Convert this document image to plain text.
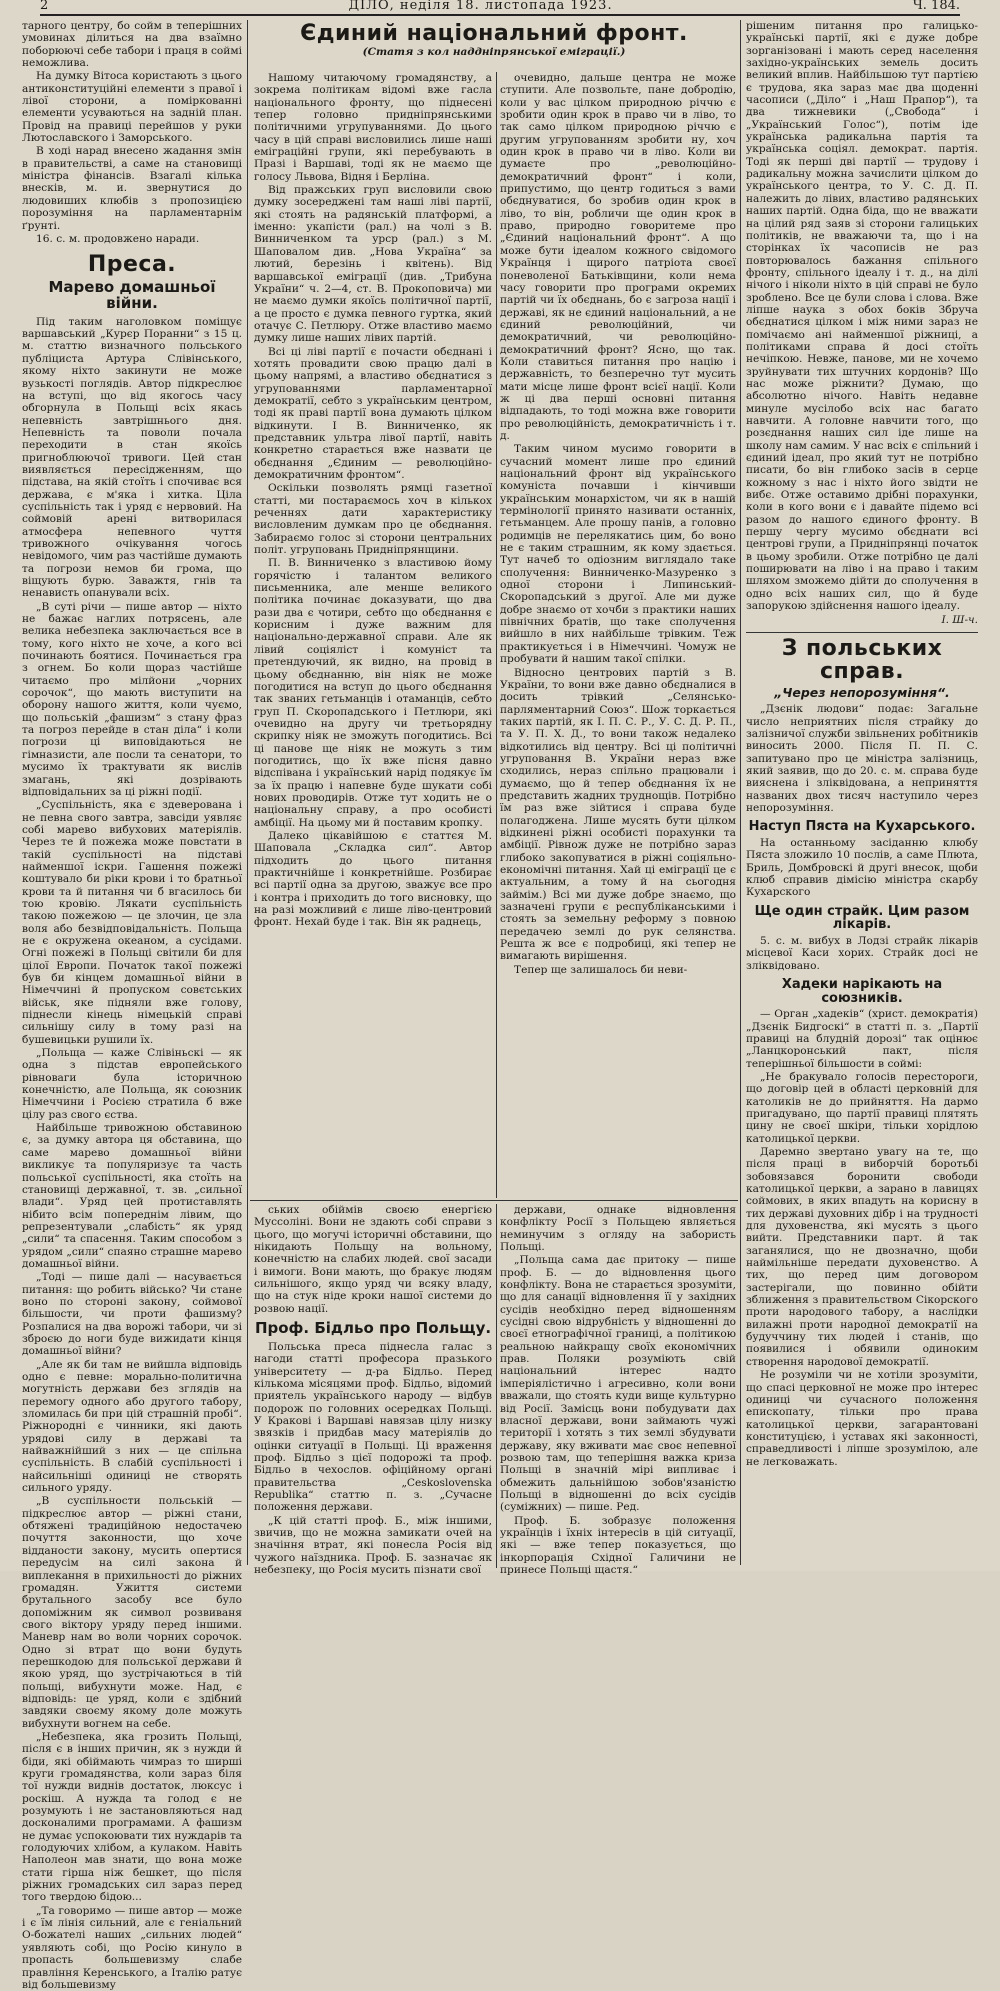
2	ДІЛО, неділя 18. листопада 1923.	Ч. 184.

тарного центру, бо сойм в теперішних умовинах ділиться на два взаїмно поборюючі себе табори і праця в соймі неможлива.

На думку Вітоса користають з цього антиконституційні елементи з правої і лівої сторони, а поміркованні елементи усуваються на задній план. Провід на правиці перейшов у руки Лютославского і Заморського.

В ході нарад внесено жадання змін в правительстві, а саме на становищі міністра фінансів. Взагалі кілька внесків, м. и. звернутися до людовиших клюбів з пропозицією порозуміння на парламентарнім ґрунті.

16. с. м. продовжено наради.

Преса.
Марево домашньої війни.

Під таким наголовком поміщує варшавський „Курєр Поранни“ з 15 ц. м. статтю визначного польського публіциста Артура Слівінського, якому ніхто закинути не може вузькості поглядів. Автор підкреслює на вступі, що від якогось часу обгорнула в Польщі всіх якась непевність завтрішнього дня. Непевність та поволи почала переходити в стан якоїсь пригноблюючої тривоги. Цей стан виявляється пересідженням, що підстава, на якій стоїть і спочиває вся держава, є м'яка і хитка. Ціла суспільність так і уряд є нервовий. На соймовій арені витворилася атмосфера непевного чуття тривожного очікування чогось невідомого, чим раз частійше думають та погрози немов би грома, що віщують бурю. Заважтя, гнів та ненависть опанували всіх.

„В суті річи — пише автор — ніхто не бажає наглих потрясень, але велика небезпека заключається все в тому, кого ніхто не хоче, а кого всі починають боятися. Починається гра з огнем. Бо коли щораз частійше читаємо про мілйони „чорних сорочок“, що мають виступити на оборону нашого життя, коли чуємо, що польській „фашизм“ з стану фраз та погроз перейде в стан діла“ і коли погрози ці виповідаються не гімназисти, але посли та сенатори, то мусимо їх трактувати як вислів змагань, які дозрівають відповідальних за ці ріжні події.

„Суспільність, яка є здеверована і не певна свого завтра, завсіди уявляє собі марево вибухових матеріялів. Через те й пожежа може повстати в такій суспільності на підставі найменшої іскри. Гашення пожежі коштувало би ріки крови і то братньої крови та й питання чи б вгасилось би тою кровію. Лякати суспільність такою пожежою — це злочин, це зла воля або безвідповідальність. Польща не є окружена океаном, а сусідами. Огні пожежі в Польщі світили би для цілої Европи. Початок такої пожежі був би кінцем домашньої війни в Німеччині й пропуском совєтських військ, яке підняли вже голову, піднесли кінець німецькій справі сильнішу силу в тому разі на бушевицьки рушили їх.

„Польща — каже Слівіньскі — як одна з підстав европейського рівноваги була історичною конечністю, але Польща, як союзник Німеччини і Росією стратила б вже цілу раз свого єства.

Найбільше тривожною обставиною є, за думку автора ця обставина, що саме марево домашньої війни викликує та популяризує та часть польської суспільності, яка стоїть на становищі державної, т. зв. „сильної влади“. Уряд цей протиставлять нібито всім попереднім лівим, що репрезентували „слабість“ як уряд „сили“ та спасення. Таким способом з урядом „сили“ спаяно страшне марево домашньої війни.

„Тоді — пише далі — насувається питання: що робить військо? Чи стане воно по стороні закону, соймової більшости, чи проти фашизму? Розпалися на два ворожі табори, чи зі зброєю до ноги буде вижидати кінця домашньої війни?

„Але як би там не вийшла відповідь одно є певне: морально-политична могутність держави без зглядів на перемогу одного або другого табору, зломилась би при цій страшній пробі“. Ріжнородні є чинники, які дають урядові силу в державі та найважнійший з них — це спільна суспільність. В слабій суспільності і найсильніші одиниці не створять сильного уряду.

„В суспільности польській — підкреслює автор — ріжні стани, обтяжені традиційною недостачею почуття законности, що хоче відданости закону, мусить опертися передусім на силі закона й виплекання в прихильності до ріжних громадян. Ужиття системи брутального засобу все було допоміжним як символ розвиваня свого віктору уряду перед іншими. Маневр нам во воли чорних сорочок. Одно зі втрат що вони будуть перешкодою для польської держави й якою уряд, що зустрічаються в тій польщі, вибухнути може. Над, є відповідь: це уряд, коли є здібний завдяки своєму якому доле можуть вибухнути вогнем на себе.

„Небезпека, яка грозить Польщі, після є в інших причин, як з нужди й біди, які обіймають чимраз то ширші круги громадянства, коли зараз біля тої нужди виднів достаток, люксус і роскіш. А нужда та голод є не розумують і не застановляються над досконалими програмами. А фашизм не думає успокоювати тих нуждарів та голодуючих хлібом, а кулаком. Навіть Наполеон мав знати, що вона може стати гірша ніж бешкет, що після ріжних громадських сил зараз перед того твердою бідою...

„Та говоримо — пише автор — може і є їм лінія сильний, але є геніальний О-божателі наших „сильних людей“ уявляють собі, що Росію кинуло в пропасть большевизму слабе правління Керенського, а Італію ратує від большевизму

Єдиний національний фронт.
(Статя з кол наддніпрянської еміграції.)

Нашому читаючому громадянству, а зокрема політикам відомі вже гасла національного фронту, що піднесені тепер головно придніпрянськими політичними угрупуваннями. До цього часу в цій справі висловились лише наші еміграційні групи, які перебувають в Празі і Варшаві, тоді як не маємо ще голосу Львова, Відня і Берліна.

Від пражських груп висловили свою думку зосереджені там наші ліві партії, які стоять на радянській платформі, а іменно: укапісти (рал.) на чолі з В. Винниченком та урср (рал.) з М. Шаповалом див. „Нова Україна“ за лютий, березінь і квітень). Від варшавської еміграції (див. „Трибуна України“ ч. 2—4, ст. В. Прокоповича) ми не маємо думки якоїсь політичної партії, а це просто є думка певного гуртка, який отачує С. Петлюру. Отже властиво маємо думку лише наших лівих партій.

Всі ці ліві партії є почасти обєднані і хотять провадити свою працю далі в цьому напрямі, а властиво обєднатися з угрупованнями парламентарної демократії, себто з українським центром, тоді як праві партії вона думають цілком відкинути. І В. Винниченко, як представник ультра лівої партії, навіть конкретно старається вже назвати це обєднання „Єдиним — революційно-демократичним фронтом“.

Оскільки позволять рямці газетної статті, ми постараємось хоч в кількох реченнях дати характеристику висловленим думкам про це обєднання. Забираємо голос зі сторони центральних політ. угруповань Придніпрянщини.

П. В. Винниченко з властивою йому горячістю і талантом великого письменника, але менше великого політика починає доказувати, що два рази два є чотири, себто що обєднання є корисним і дуже важним для національно-державної справи. Але як лівий соціяліст і комуніст та претендуючий, як видно, на провід в цьому обєднанню, він ніяк не може погодитися на вступ до цього обєднання так званих гетьманців і отаманців, себто груп П. Скоропадського і Петлюри, які очевидно на другу чи третьорядну скрипку ніяк не зможуть погодитись. Всі ці панове ще ніяк не можуть з тим погодитись, що їх вже пісня давно відспівана і український нарід подякує їм за їх працю і напевне буде шукати собі нових проводирів. Отже тут ходить не о національну справу, а про особисті амбіції. На цьому ми й поставим кропку.

Далеко цікавійшою є статтєя М. Шаповала „Складка сил“. Автор підходить до цього питання практичнійше і конкретнійше. Розбирає всі партії одна за другою, зважує все про і контра і приходить до того висновку, що на разі можливий є лише ліво-центровий фронт. Нехай буде і так. Він як раднець,

очевидно, дальше центра не може ступити. Але позвольте, пане добродію, коли у вас цілком природною річчю є зробити один крок в право чи в ліво, то так само цілком природною річчю є другим угрупованням зробити ну, хоч один крок в право чи в ліво. Коли ви думаєте про „революційно-демократичний фронт“ і коли, припустимо, що центр годиться з вами обєднуватися, бо зробив один крок в ліво, то він, робличи ще один крок в право, природно говоритеме про „Єдиний національний фронт“. А що може бути ідеалом кожного свідомого Українця і щирого патріота своєї поневоленої Батьківщини, коли нема часу говорити про програми окремих партій чи їх обєднань, бо є загроза нації і державі, як не єдиний національний, а не єдиний революційний, чи демократичний, чи революційно-демократичний фронт? Ясно, що так. Коли ставиться питання про націю і державність, то безперечно тут мусить мати місце лише фронт всієї нації. Коли ж ці два перші основні питання відпадають, то тоді можна вже говорити про революційність, демократичність і т. д.

Таким чином мусимо говорити в сучасний момент лише про єдиний національний фронт від українського комуніста почавши і кінчивши українським монархістом, чи як в нашій термінології принято називати останніх, гетьманцем. Але прошу панів, а головно родимців не перелякатись цим, бо воно не є таким страшним, як кому здається. Тут начеб то одіозним виглядало таке сполучення: Винниченко-Мазуренко з одної сторони і Липинський-Скоропадський з другої. Але ми дуже добре знаємо от хочби з практики наших північних братів, що таке сполучення вийшло в них найбільше трівким. Теж практикується і в Німеччині. Чомуж не пробувати й нашим такої спілки.

Відносно центрових партій з В. України, то вони вже давно обєдналися в досить трівкий „Селянсько-парляментарний Союз“. Шож торкається таких партій, як І. П. С. Р., У. С. Д. Р. П., та У. П. Х. Д., то вони також недалеко відкотились від центру. Всі ці політичні угруповання В. України нераз вже сходились, нераз спільно працювали і думаємо, що й тепер обєднання їх не представить жадних труднощів. Потрібно їм раз вже зійтися і справа буде полагоджена. Лише мусять бути цілком відкинені ріжні особисті порахунки та амбіції. Рівнож дуже не потрібно зараз глибоко закопуватися в ріжні соціяльно-економічні питання. Хай ці еміграції це є актуальним, а тому й на сьогодня займім.) Всі ми дуже добре знаємо, що зазначені групи є республіканськими і стоять за земельну реформу з повною передачею землі до рук селянства. Решта ж все є подробиці, які тепер не вимагають вирішення.

Тепер ще залишалось би неви-

ських обіймів своєю енергією Муссоліні. Вони не здають собі справи з цього, що могучі історичні обставини, що нікидають Польщу на вольному, конечністю на слабих людей. свої засади і вимоги. Вони мають, що бракує людям сильнішого, якщо уряд чи всяку владу, що на стук ніде кроки нашої системи до розвою нації.

Проф. Бідльо про Польщу.

Польська преса піднесла галас з нагоди статті професора празького університету — д-ра Бідльо. Перед кількома місяцями проф. Бідльо, відомий приятель українського народу — відбув подорож по головних осередках Польщі. У Кракові і Варшаві навязав цілу низку звязків і придбав масу матеріялів до оцінки ситуації в Польщі. Ці враження проф. Бідльо з цієї подорожі та проф. Бідльо в чехослов. офіційному органі правительства „Ceskoslovenska Republika“ статтю п. з. „Сучасне положення держави.

„К цій статті проф. Б., між іншими, звичив, що не можна замикати очей на значіння втрат, які понесла Росія від чужого наїздника. Проф. Б. зазначає як небезпеку, що Росія мусить пізнати свої

держави, однаке відновлення конфлікту Росії з Польщею являється неминучим з огляду на забористь Польщі.

„Польща сама дає притоку — пише проф. Б. — до відновлення цього конфлікту. Вона не старається зрозуміти, що для санації відновлення її у західних сусідів необхідно перед відношенням сусідні свою відрубність у відношенні до своєї етнографічної границі, а політикою реальною найкращу своїх економічних прав. Поляки розуміють свій національний інтерес надто імперіялістично і агресивно, коли вони вважали, що стоять куди вище культурно від Росії. Замісць вони побудувати дах власної держави, вони займають чужі території і хотять з тих землі збудувати державу, яку вживати має своє непевної розвою там, що теперішня важка криза Польщі в значній мірі випливає і обмежить дальнійшою зобов'язаністю Польщі в відношенні до всіх сусідів (суміжних) — пише. Ред.

Проф. Б. зобразує положення українців і їхніх інтересів в цій ситуації, які — вже тепер показується, що інкорпорація Східної Галичини не принесе Польщі щастя.“

рішеним питання про галицько-українські партії, які є дуже добре зорганізовані і мають серед населення західно-українських земель досить великий вплив. Найбільшою тут партією є трудова, яка зараз має два щоденні часописи („Діло“ і „Наш Прапор“), та два тижневики („Свобода“ і „Український Голос“), потім іде українська радикальна партія та українська соціял. демократ. партія. Тоді як перші дві партії — трудову і радикальну можна зачислити цілком до українського центра, то У. С. Д. П. належить до лівих, властиво радянських наших партій. Одна біда, що не вважати на цілий ряд заяв зі сторони галицьких політиків, не вважаючи та, що і на сторінках їх часописів не раз повторювалось бажання спільного фронту, спільного ідеалу і т. д., на ділі нічого і ніколи ніхто в цій справі не було зроблено. Все це були слова і слова. Вже ліпше наука з обох боків Збруча обєднатися цілком і між ними зараз не помічаємо ані найменшої ріжниці, а політиками справа й досі стоїть нечіпкою. Невже, панове, ми не хочемо зруйнувати тих штучних кордонів? Що нас може ріжнити? Думаю, що абсолютно нічого. Навіть недавне минуле мусілобо всіх нас багато навчити. А головне навчити того, що розєднання наших сил іде лише на школу нам самим. У нас всіх є спільний і єдиний ідеал, про який тут не потрібно писати, бо він глибоко засів в серце кожному з нас і ніхто його звідти не вибє. Отже оставимо дрібні порахунки, коли в кого вони є і давайте підемо всі разом до нашого єдиного фронту. В першу чергу мусимо обєднати всі центрові групи, а Придніпрянці початок в цьому зробили. Отже потрібно це далі поширювати на ліво і на право і таким шляхом зможемо дійти до сполучення в одно всіх наших сил, що й буде запорукою здійснення нашого ідеалу.

І. Ш-ч.
З польських справ.
„Через непорозуміння“.

„Дзєнік людови“ подає: Загальне число неприятних після страйку до залізничої служби звільнених робітників виносить 2000. Після П. П. С. запитувано про це міністра залізниць, який заявив, що до 20. с. м. справа буде вияснена і зліквідована, а неприняття названих двох тисяч наступило через непорозуміння.

Наступ Пяста на Кухарського.

На останньому засіданню клюбу Пяста зложило 10 послів, а саме Плюта, Бриль, Домбровскі й другі внесок, щоби клюб справив дімісію міністра скарбу Кухарского

Ще один страйк. Цим разом лікарів.

5. с. м. вибух в Лодзі страйк лікарів місцевої Каси хорих. Страйк досі не зліквідовано.

Хадеки нарікають на союзників.

— Орган „хадеків“ (христ. демократія) „Дзєнік Бидгоскі“ в статті п. з. „Партії правиці на блудній дорозі“ так оцінює „Ланцкоронський пакт, після теперішньої більшости в соймі:

„Не бракувало голосів перестороги, що договір цей в області церковній для католиків не до прийняття. На дармо пригадувано, що партії правиці плятять цину не своєї шкіри, тільки хорідлою католицької церкви.

Даремно звертано увагу на те, що після праці в виборчій боротьбі зобовязався боронити свободи католицької церкви, а зарано в лавицях соймових, в яких впадуть на корисну в тих державі духовних дібр і на трудності для духовенства, які мусять з цього вийти. Представники парт. й так заганялися, що не двозначно, щоби наймільніше передати духовенство. А тих, що перед цим договором застерігали, що повинно обійти зближення з правительством Сікорского проти народового табору, а наслідки вилажні проти народної демократії на будуччину тих людей і станів, що появилися і обявили одиноким створення народової демократії.

Не розуміли чи не хотіли зрозуміти, що спасі церковної не може про інтерес одиниці чи сучасного положення епископату, тільки про права католицької церкви, загарантовані конституцією, і уставах які законності, справедливості і ліпше зрозумілою, але не легковажать.
